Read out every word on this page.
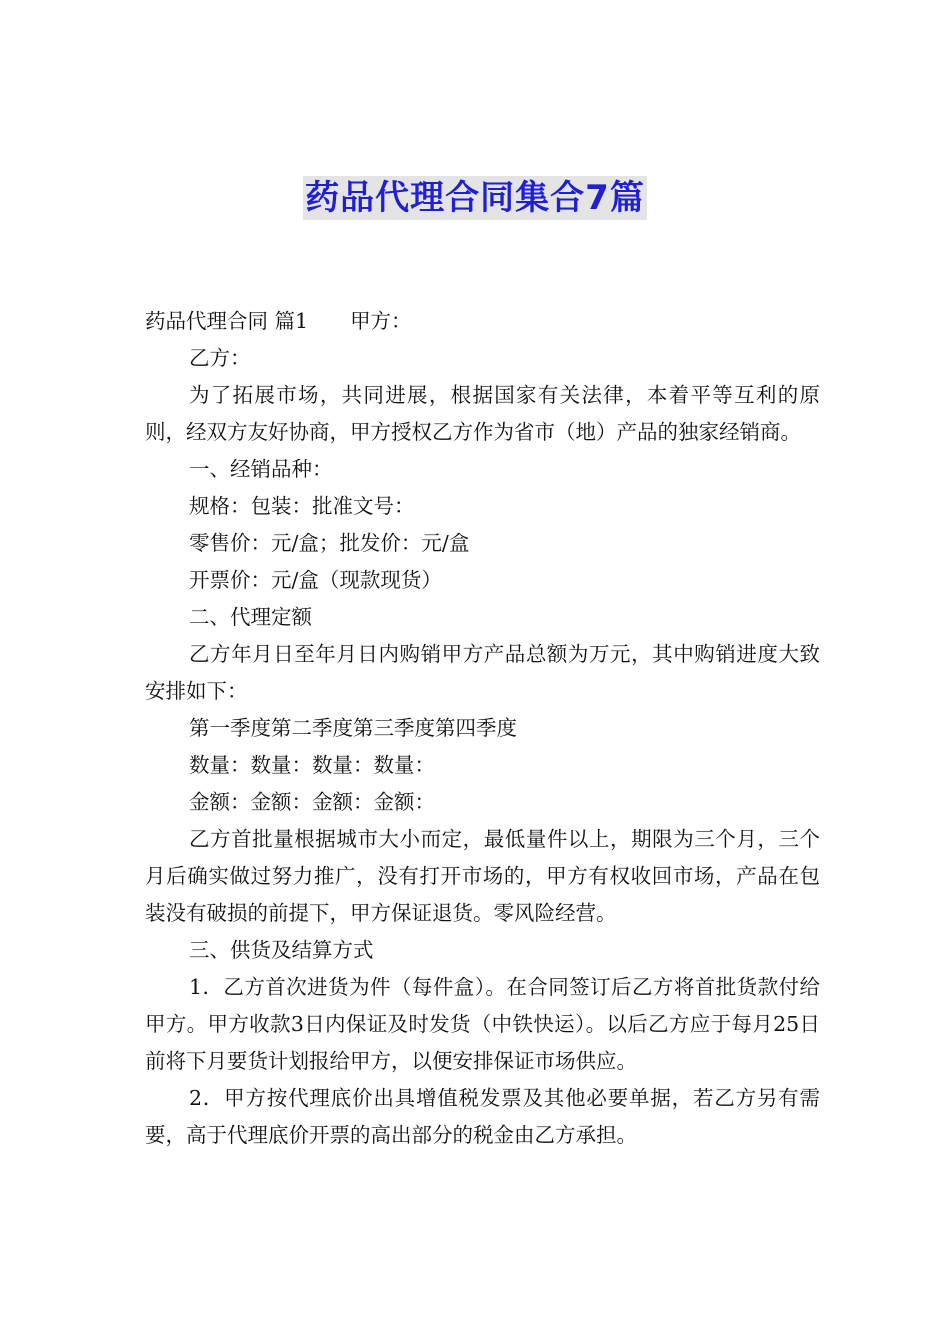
药品代理合同集合7篇

药品代理合同 篇1 甲方：

乙方：

为了拓展市场，共同进展，根据国家有关法律，本着平等互利的原则，经双方友好协商，甲方授权乙方作为省市（地）产品的独家经销商。

一、经销品种：

规格：包装：批准文号：

零售价：元/盒；批发价：元/盒

开票价：元/盒（现款现货）

二、代理定额

乙方年月日至年月日内购销甲方产品总额为万元，其中购销进度大致安排如下：

第一季度第二季度第三季度第四季度

数量：数量：数量：数量：

金额：金额：金额：金额：

乙方首批量根据城市大小而定，最低量件以上，期限为三个月，三个月后确实做过努力推广，没有打开市场的，甲方有权收回市场，产品在包装没有破损的前提下，甲方保证退货。零风险经营。

三、供货及结算方式

1．乙方首次进货为件（每件盒）。在合同签订后乙方将首批货款付给甲方。甲方收款3日内保证及时发货（中铁快运）。以后乙方应于每月25日前将下月要货计划报给甲方，以便安排保证市场供应。

2．甲方按代理底价出具增值税发票及其他必要单据，若乙方另有需要，高于代理底价开票的高出部分的税金由乙方承担。
